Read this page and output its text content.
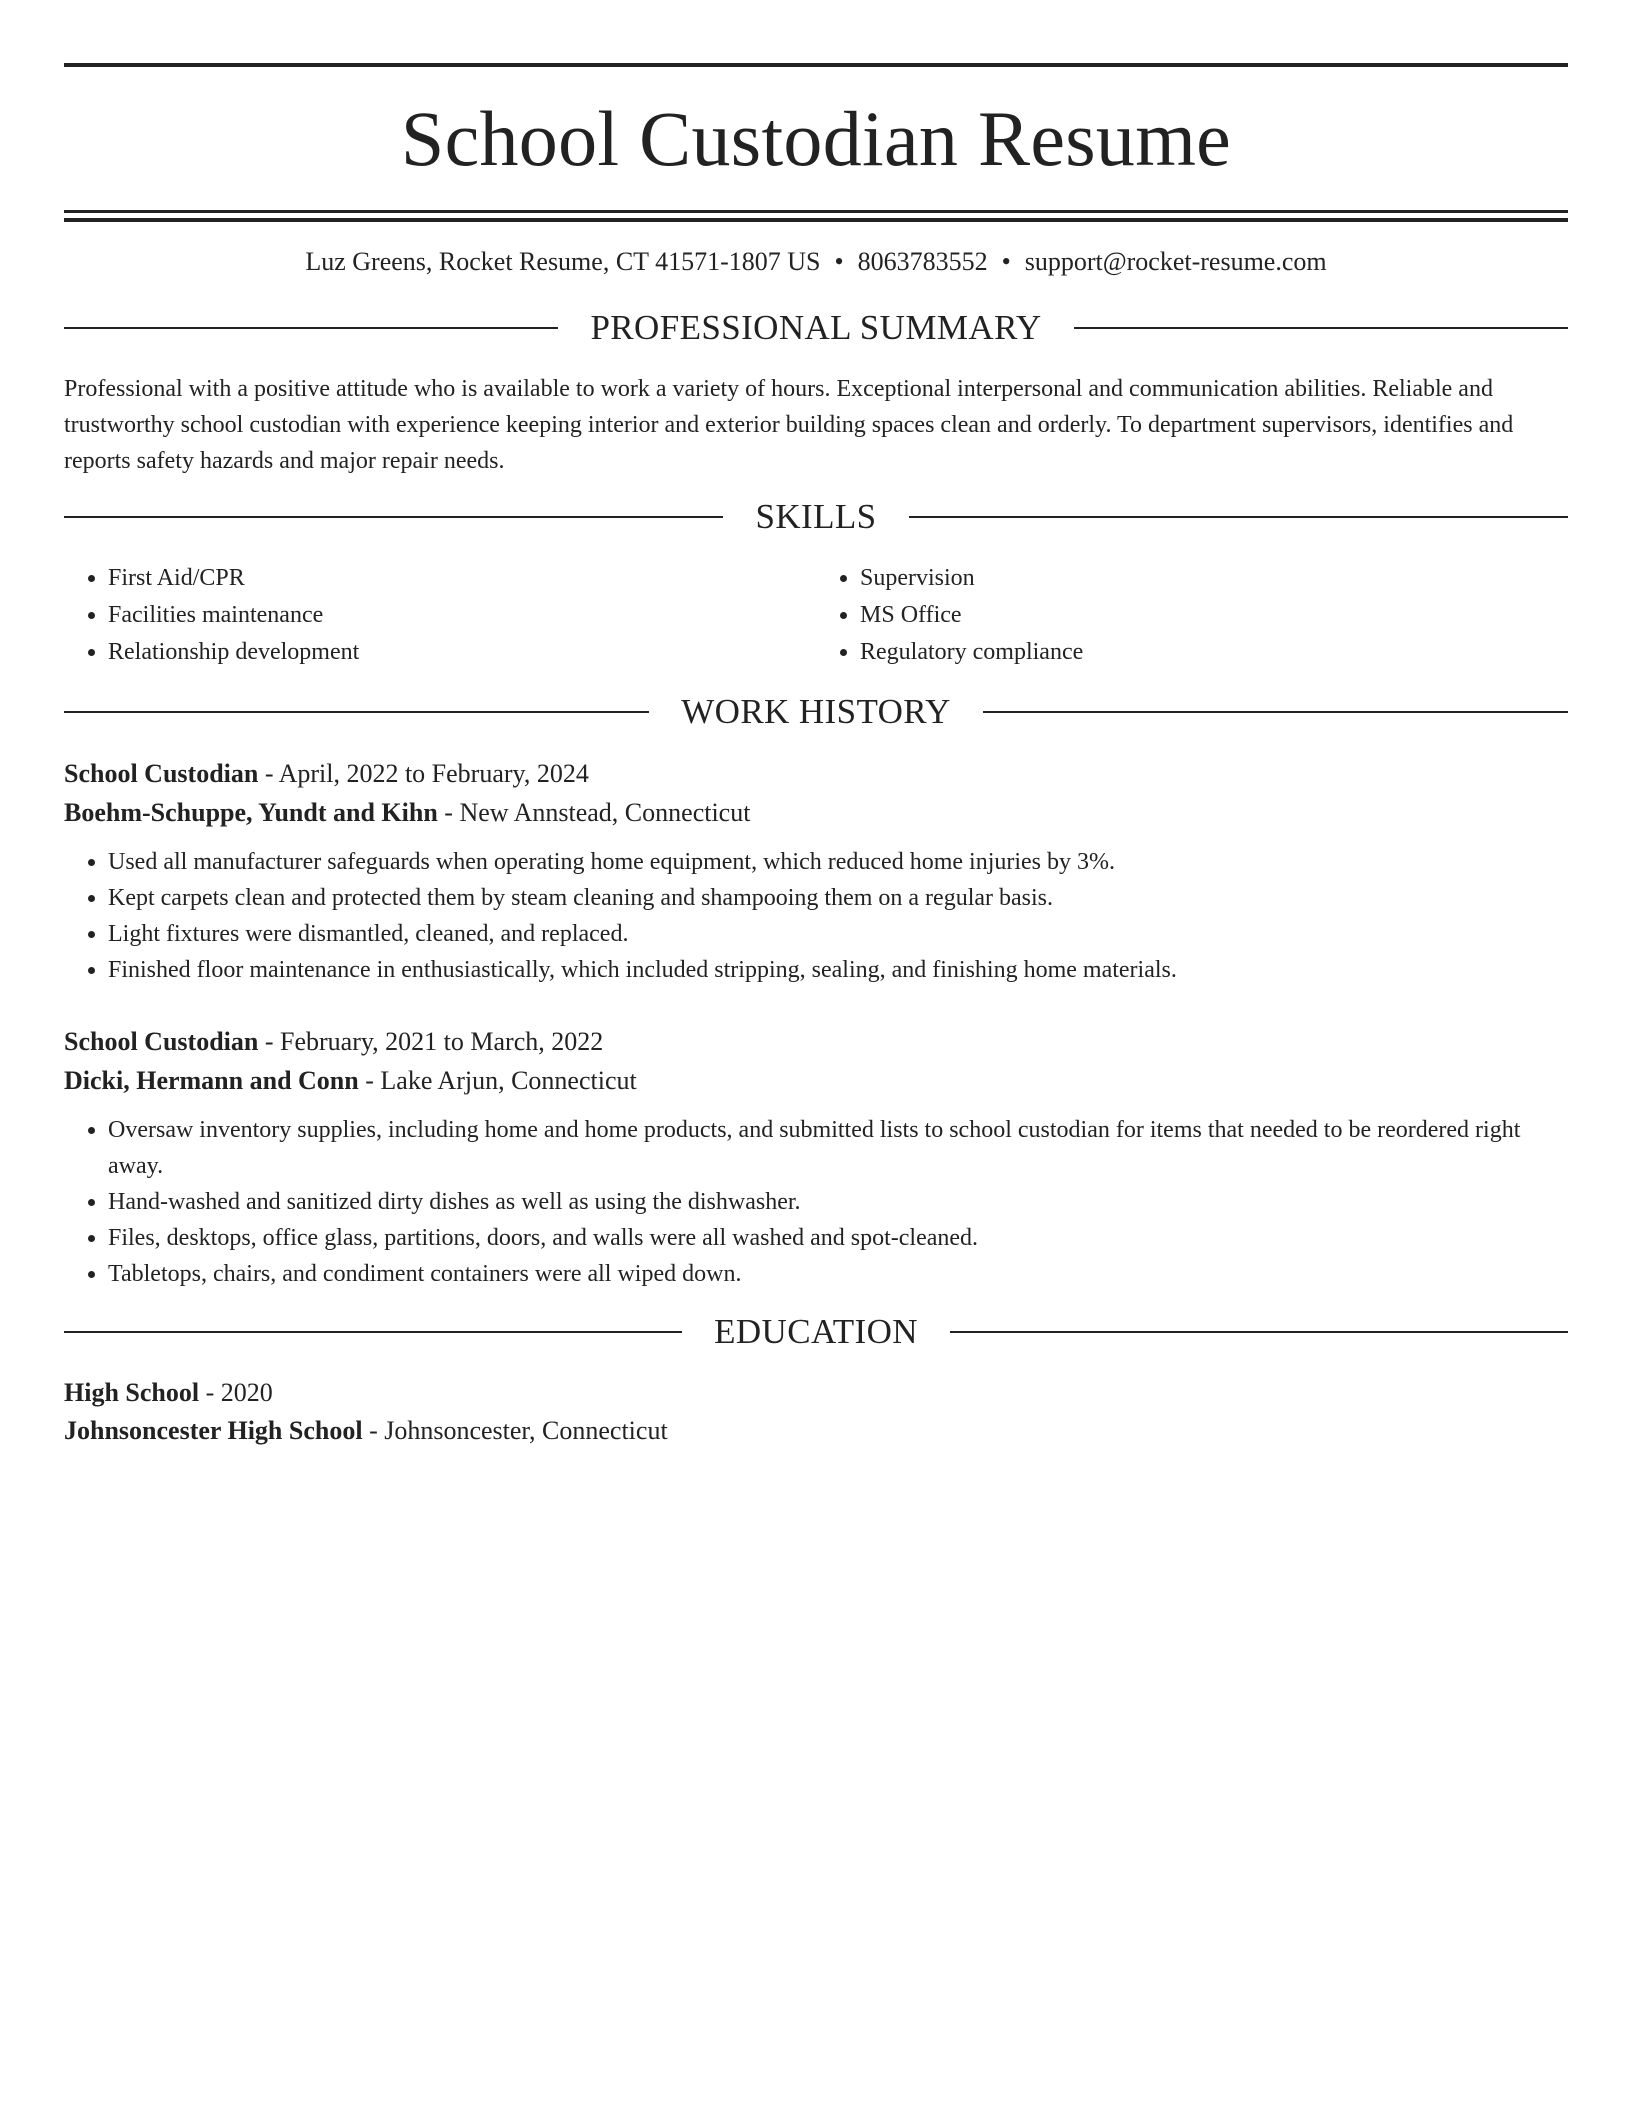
School Custodian Resume
Luz Greens, Rocket Resume, CT 41571-1807 US • 8063783552 • support@rocket-resume.com
PROFESSIONAL SUMMARY
Professional with a positive attitude who is available to work a variety of hours. Exceptional interpersonal and communication abilities. Reliable and trustworthy school custodian with experience keeping interior and exterior building spaces clean and orderly. To department supervisors, identifies and reports safety hazards and major repair needs.
SKILLS
• First Aid/CPR
• Facilities maintenance
• Relationship development
• Supervision
• MS Office
• Regulatory compliance
WORK HISTORY
School Custodian - April, 2022 to February, 2024
Boehm-Schuppe, Yundt and Kihn - New Annstead, Connecticut
• Used all manufacturer safeguards when operating home equipment, which reduced home injuries by 3%.
• Kept carpets clean and protected them by steam cleaning and shampooing them on a regular basis.
• Light fixtures were dismantled, cleaned, and replaced.
• Finished floor maintenance in enthusiastically, which included stripping, sealing, and finishing home materials.
School Custodian - February, 2021 to March, 2022
Dicki, Hermann and Conn - Lake Arjun, Connecticut
• Oversaw inventory supplies, including home and home products, and submitted lists to school custodian for items that needed to be reordered right away.
• Hand-washed and sanitized dirty dishes as well as using the dishwasher.
• Files, desktops, office glass, partitions, doors, and walls were all washed and spot-cleaned.
• Tabletops, chairs, and condiment containers were all wiped down.
EDUCATION
High School - 2020
Johnsoncester High School - Johnsoncester, Connecticut
